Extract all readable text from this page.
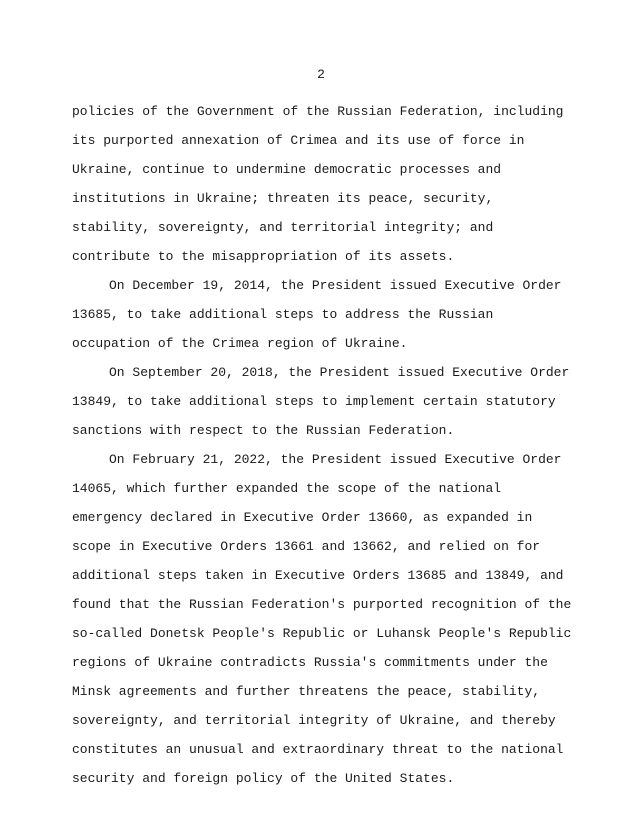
2
policies of the Government of the Russian Federation, including
its purported annexation of Crimea and its use of force in
Ukraine, continue to undermine democratic processes and
institutions in Ukraine; threaten its peace, security,
stability, sovereignty, and territorial integrity; and
contribute to the misappropriation of its assets.
On December 19, 2014, the President issued Executive Order
13685, to take additional steps to address the Russian
occupation of the Crimea region of Ukraine.
On September 20, 2018, the President issued Executive Order
13849, to take additional steps to implement certain statutory
sanctions with respect to the Russian Federation.
On February 21, 2022, the President issued Executive Order
14065, which further expanded the scope of the national
emergency declared in Executive Order 13660, as expanded in
scope in Executive Orders 13661 and 13662, and relied on for
additional steps taken in Executive Orders 13685 and 13849, and
found that the Russian Federation's purported recognition of the
so-called Donetsk People's Republic or Luhansk People's Republic
regions of Ukraine contradicts Russia's commitments under the
Minsk agreements and further threatens the peace, stability,
sovereignty, and territorial integrity of Ukraine, and thereby
constitutes an unusual and extraordinary threat to the national
security and foreign policy of the United States.
